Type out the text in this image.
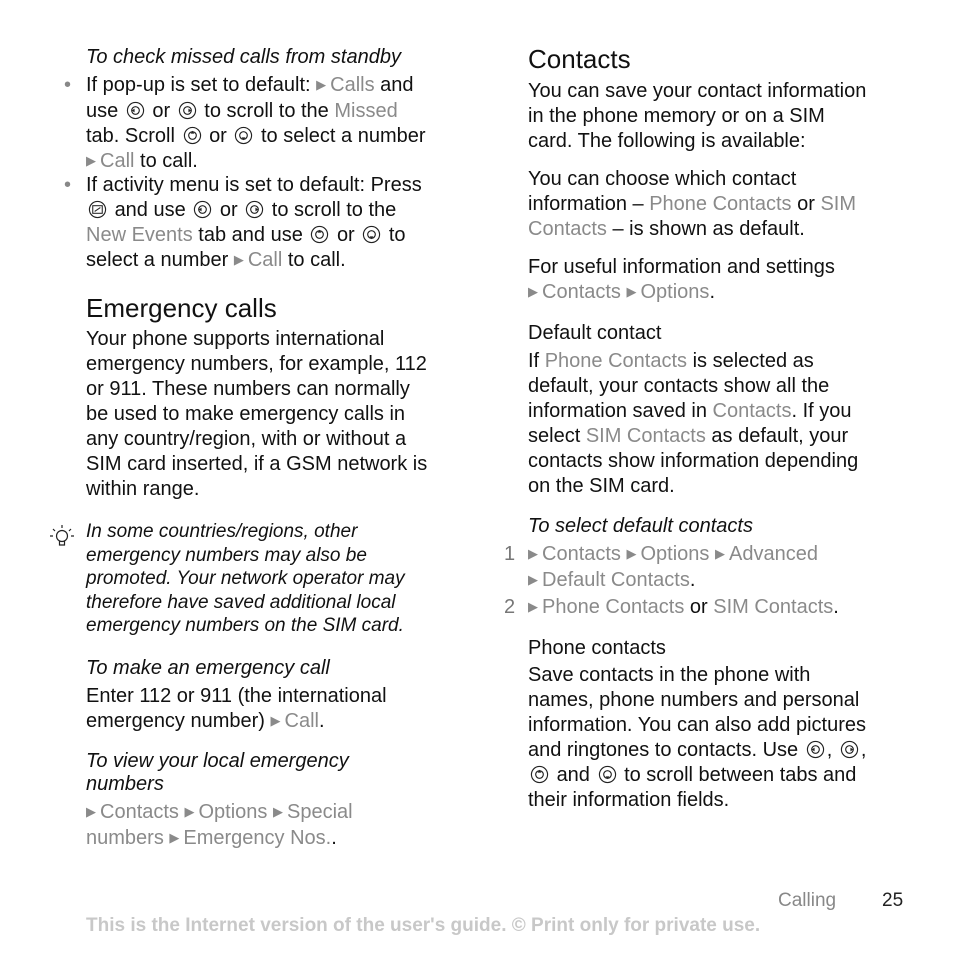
To check missed calls from standby
• If pop-up is set to default: ▶ Calls and
use or to scroll to the Missed
tab. Scroll or to select a number
▶ Call to call.
• If activity menu is set to default: Press
and use or to scroll to the
New Events tab and use or to
select a number ▶ Call to call.
Emergency calls
Your phone supports international
emergency numbers, for example, 112
or 911. These numbers can normally
be used to make emergency calls in
any country/region, with or without a
SIM card inserted, if a GSM network is
within range.
In some countries/regions, other
emergency numbers may also be
promoted. Your network operator may
therefore have saved additional local
emergency numbers on the SIM card.
To make an emergency call
Enter 112 or 911 (the international
emergency number) ▶ Call.
To view your local emergency
numbers
▶ Contacts ▶ Options ▶ Special
numbers ▶ Emergency Nos..
Contacts
You can save your contact information
in the phone memory or on a SIM
card. The following is available:
You can choose which contact
information – Phone Contacts or SIM
Contacts – is shown as default.
For useful information and settings
▶ Contacts ▶ Options.
Default contact
If Phone Contacts is selected as
default, your contacts show all the
information saved in Contacts. If you
select SIM Contacts as default, your
contacts show information depending
on the SIM card.
To select default contacts
1 ▶ Contacts ▶ Options ▶ Advanced
▶ Default Contacts.
2 ▶ Phone Contacts or SIM Contacts.
Phone contacts
Save contacts in the phone with
names, phone numbers and personal
information. You can also add pictures
and ringtones to contacts. Use , ,
and to scroll between tabs and
their information fields.
Calling 25
This is the Internet version of the user's guide. © Print only for private use.
